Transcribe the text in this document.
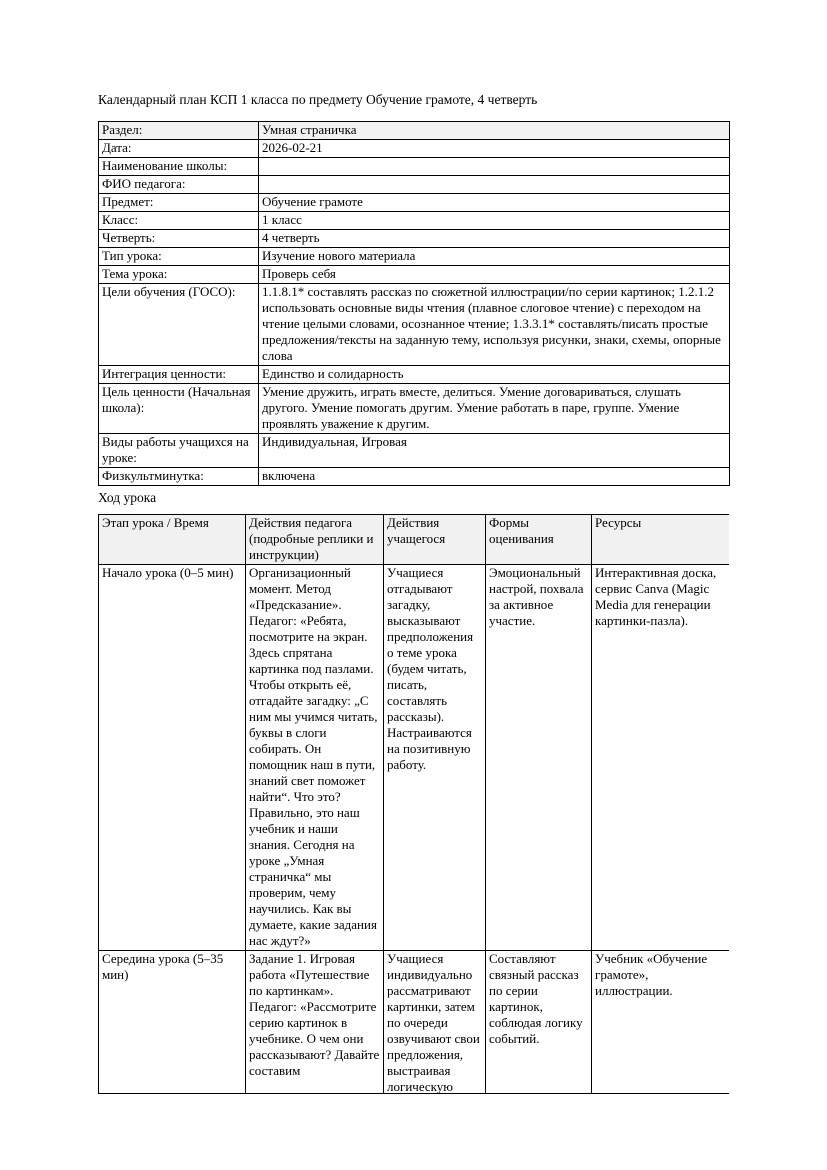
Календарный план КСП 1 класса по предмету Обучение грамоте, 4 четверть

Раздел:	Умная страничка
Дата:	2026-02-21
Наименование школы:	
ФИО педагога:	
Предмет:	Обучение грамоте
Класс:	1 класс
Четверть:	4 четверть
Тип урока:	Изучение нового материала
Тема урока:	Проверь себя
Цели обучения (ГОСО):	1.1.8.1* составлять рассказ по сюжетной иллюстрации/по серии картинок; 1.2.1.2 использовать основные виды чтения (плавное слоговое чтение) с переходом на чтение целыми словами, осознанное чтение; 1.3.3.1* составлять/писать простые предложения/тексты на заданную тему, используя рисунки, знаки, схемы, опорные слова
Интеграция ценности:	Единство и солидарность
Цель ценности (Начальная школа):	Умение дружить, играть вместе, делиться. Умение договариваться, слушать другого. Умение помогать другим. Умение работать в паре, группе. Умение проявлять уважение к другим.
Виды работы учащихся на уроке:	Индивидуальная, Игровая
Физкультминутка:	включена

Ход урока

Этап урока / Время	Действия педагога (подробные реплики и инструкции)	Действия учащегося	Формы оценивания	Ресурсы
Начало урока (0–5 мин)	Организационный момент. Метод «Предсказание». Педагог: «Ребята, посмотрите на экран. Здесь спрятана картинка под пазлами. Чтобы открыть её, отгадайте загадку: „С ним мы учимся читать, буквы в слоги собирать. Он помощник наш в пути, знаний свет поможет найти“. Что это? Правильно, это наш учебник и наши знания. Сегодня на уроке „Умная страничка“ мы проверим, чему научились. Как вы думаете, какие задания нас ждут?»	Учащиеся отгадывают загадку, высказывают предположения о теме урока (будем читать, писать, составлять рассказы). Настраиваются на позитивную работу.	Эмоциональный настрой, похвала за активное участие.	Интерактивная доска, сервис Canva (Magic Media для генерации картинки-пазла).
Середина урока (5–35 мин)	Задание 1. Игровая работа «Путешествие по картинкам». Педагог: «Рассмотрите серию картинок в учебнике. О чем они рассказывают? Давайте составим	Учащиеся индивидуально рассматривают картинки, затем по очереди озвучивают свои предложения, выстраивая логическую	Составляют связный рассказ по серии картинок, соблюдая логику событий.	Учебник «Обучение грамоте», иллюстрации.
